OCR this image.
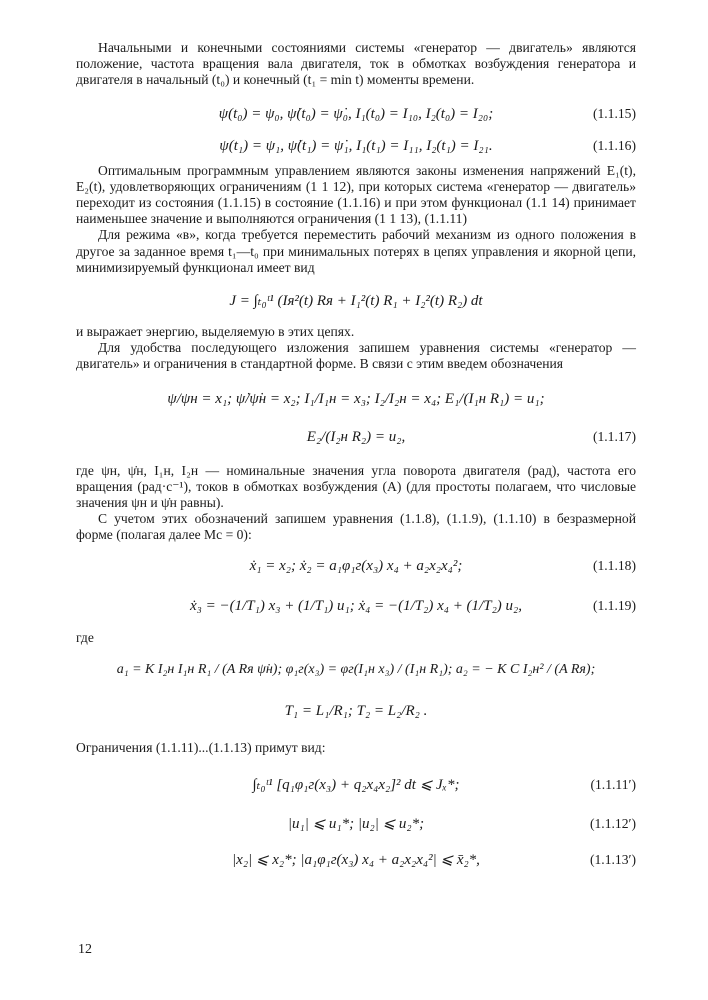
Начальными и конечными состояниями системы «генератор — двигатель» являются положение, частота вращения вала двигателя, ток в обмотках возбуждения генератора и двигателя в начальный (t₀) и конечный (t₁ = min t) моменты времени.

ψ(t₀) = ψ₀, ψ̇(t₀) = ψ̇₀, I₁(t₀) = I₁₀, I₂(t₀) = I₂₀;	(1.1.15)
ψ(t₁) = ψ₁, ψ̇(t₁) = ψ̇₁, I₁(t₁) = I₁₁, I₂(t₁) = I₂₁.	(1.1.16)

Оптимальным программным управлением являются законы изменения напряжений E₁(t), E₂(t), удовлетворяющих ограничениям (1 1 12), при которых система «генератор — двигатель» переходит из состояния (1.1.15) в состояние (1.1.16) и при этом функционал (1.1 14) принимает наименьшее значение и выполняются ограничения (1 1 13), (1.1.11)

Для режима «в», когда требуется переместить рабочий механизм из одного положения в другое за заданное время t₁—t₀ при минимальных потерях в цепях управления и якорной цепи, минимизируемый функционал имеет вид

J = ∫ₜ₀ᵗ¹ (Iя²(t) Rя + I₁²(t) R₁ + I₂²(t) R₂) dt

и выражает энергию, выделяемую в этих цепях.

Для удобства последующего изложения запишем уравнения системы «генератор — двигатель» и ограничения в стандартной форме. В связи с этим введем обозначения

ψ/ψн = x₁; ψ̇/ψ̇н = x₂; I₁/I₁н = x₃; I₂/I₂н = x₄; E₁/(I₁н R₁) = u₁;
E₂/(I₂н R₂) = u₂,	(1.1.17)

где ψн, ψ̇н, I₁н, I₂н — номинальные значения угла поворота двигателя (рад), частота его вращения (рад·с⁻¹), токов в обмотках возбуждения (А) (для простоты полагаем, что числовые значения ψн и ψ̇н равны).

С учетом этих обозначений запишем уравнения (1.1.8), (1.1.9), (1.1.10) в безразмерной форме (полагая далее Mc = 0):

ẋ₁ = x₂; ẋ₂ = a₁φ₁г(x₃) x₄ + a₂x₂x₄²;	(1.1.18)
ẋ₃ = −(1/T₁) x₃ + (1/T₁) u₁; ẋ₄ = −(1/T₂) x₄ + (1/T₂) u₂,	(1.1.19)

где

a₁ = K I₂н I₁н R₁ / (A Rя ψ̇н); φ₁г(x₃) = φг(I₁н x₃) / (I₁н R₁); a₂ = − K C I₂н² / (A Rя);
T₁ = L₁/R₁; T₂ = L₂/R₂ .

Ограничения (1.1.11)...(1.1.13) примут вид:

∫ₜ₀ᵗ¹ [q₁φ₁г(x₃) + q₂x₄x₂]² dt ⩽ Jₓ*;	(1.1.11′)
|u₁| ⩽ u₁*; |u₂| ⩽ u₂*;	(1.1.12′)
|x₂| ⩽ x₂*; |a₁φ₁г(x₃) x₄ + a₂x₂x₄²| ⩽ x̄₂*,	(1.1.13′)
12
